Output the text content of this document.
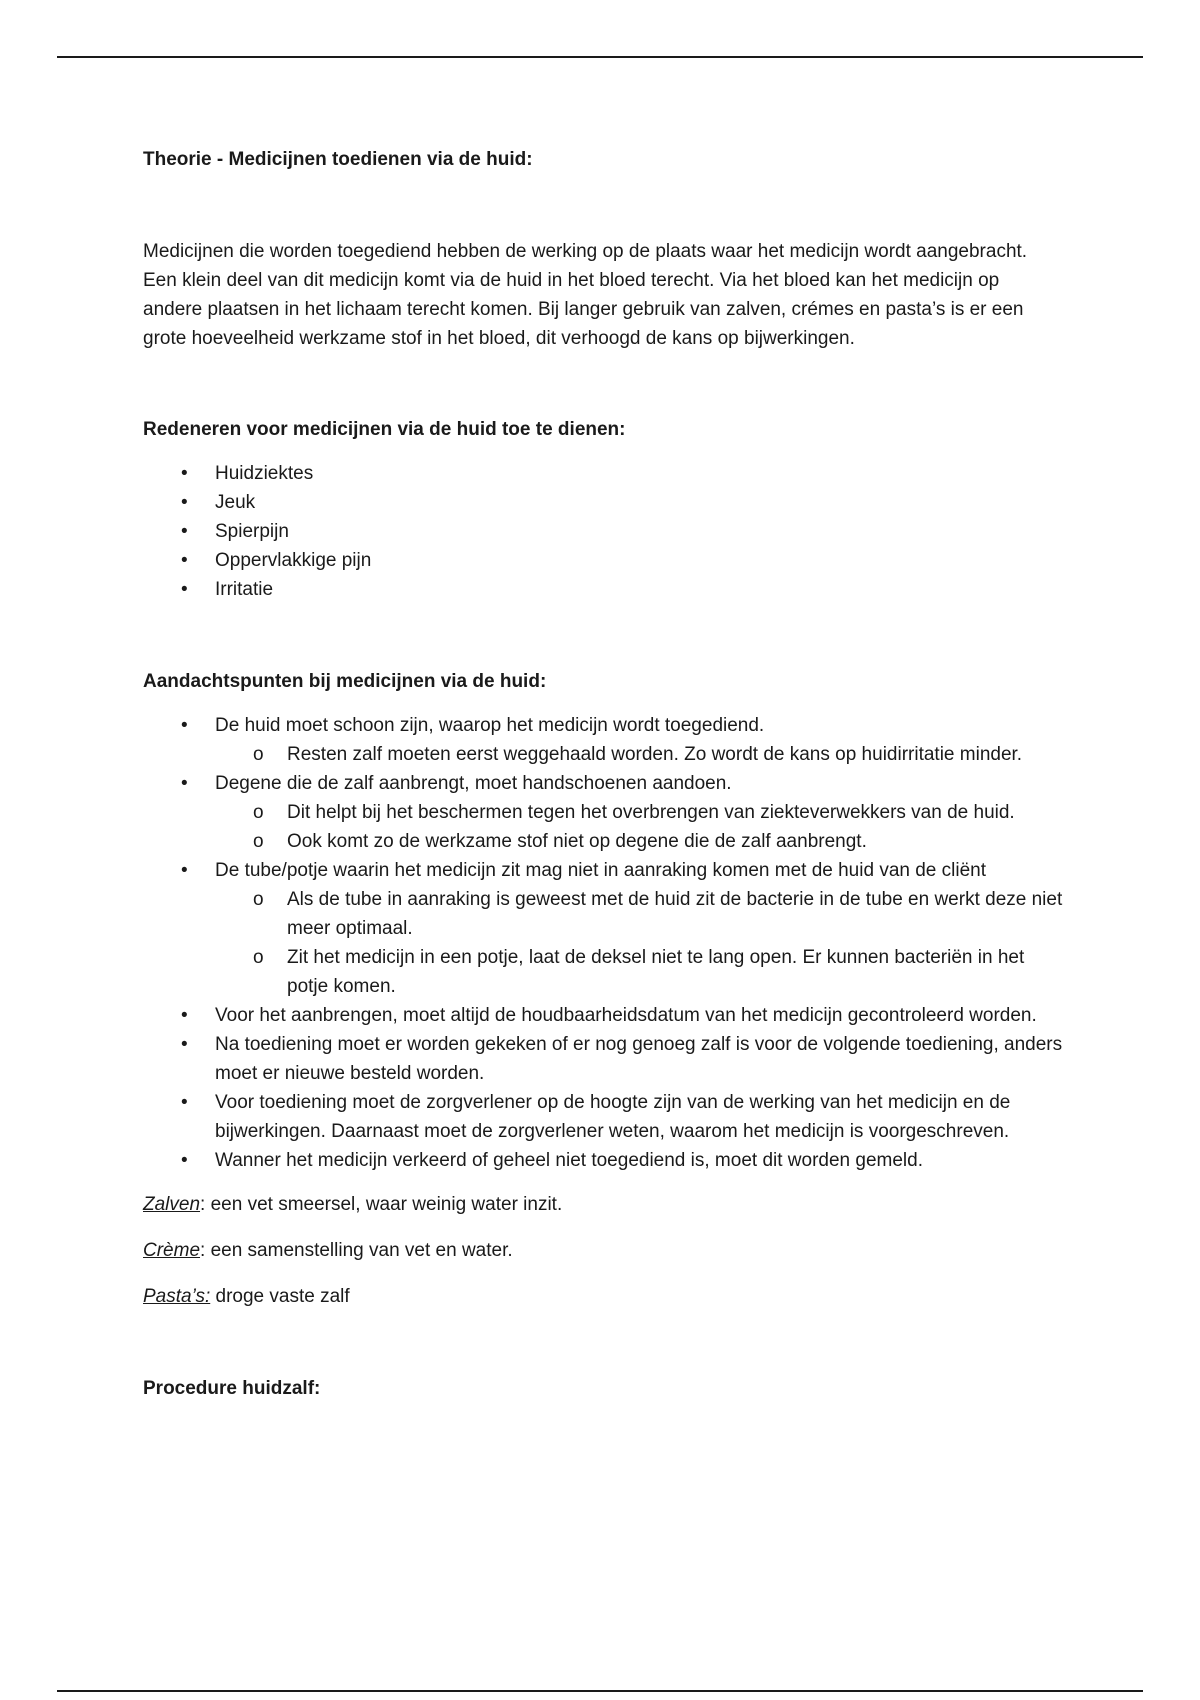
Theorie - Medicijnen toedienen via de huid:

Medicijnen die worden toegediend hebben de werking op de plaats waar het medicijn wordt aangebracht. Een klein deel van dit medicijn komt via de huid in het bloed terecht. Via het bloed kan het medicijn op andere plaatsen in het lichaam terecht komen. Bij langer gebruik van zalven, crémes en pasta’s is er een grote hoeveelheid werkzame stof in het bloed, dit verhoogd de kans op bijwerkingen.

Redeneren voor medicijnen via de huid toe te dienen:
• Huidziektes
• Jeuk
• Spierpijn
• Oppervlakkige pijn
• Irritatie
Aandachtspunten bij medicijnen via de huid:
• De huid moet schoon zijn, waarop het medicijn wordt toegediend.
o Resten zalf moeten eerst weggehaald worden. Zo wordt de kans op huidirritatie minder.
• Degene die de zalf aanbrengt, moet handschoenen aandoen.
o Dit helpt bij het beschermen tegen het overbrengen van ziekteverwekkers van de huid.
o Ook komt zo de werkzame stof niet op degene die de zalf aanbrengt.
• De tube/potje waarin het medicijn zit mag niet in aanraking komen met de huid van de cliënt
o Als de tube in aanraking is geweest met de huid zit de bacterie in de tube en werkt deze niet meer optimaal.
o Zit het medicijn in een potje, laat de deksel niet te lang open. Er kunnen bacteriën in het potje komen.
• Voor het aanbrengen, moet altijd de houdbaarheidsdatum van het medicijn gecontroleerd worden.
• Na toediening moet er worden gekeken of er nog genoeg zalf is voor de volgende toediening, anders moet er nieuwe besteld worden.
• Voor toediening moet de zorgverlener op de hoogte zijn van de werking van het medicijn en de bijwerkingen. Daarnaast moet de zorgverlener weten, waarom het medicijn is voorgeschreven.
• Wanner het medicijn verkeerd of geheel niet toegediend is, moet dit worden gemeld.

Zalven: een vet smeersel, waar weinig water inzit.

Crème: een samenstelling van vet en water.

Pasta’s: droge vaste zalf

Procedure huidzalf:
